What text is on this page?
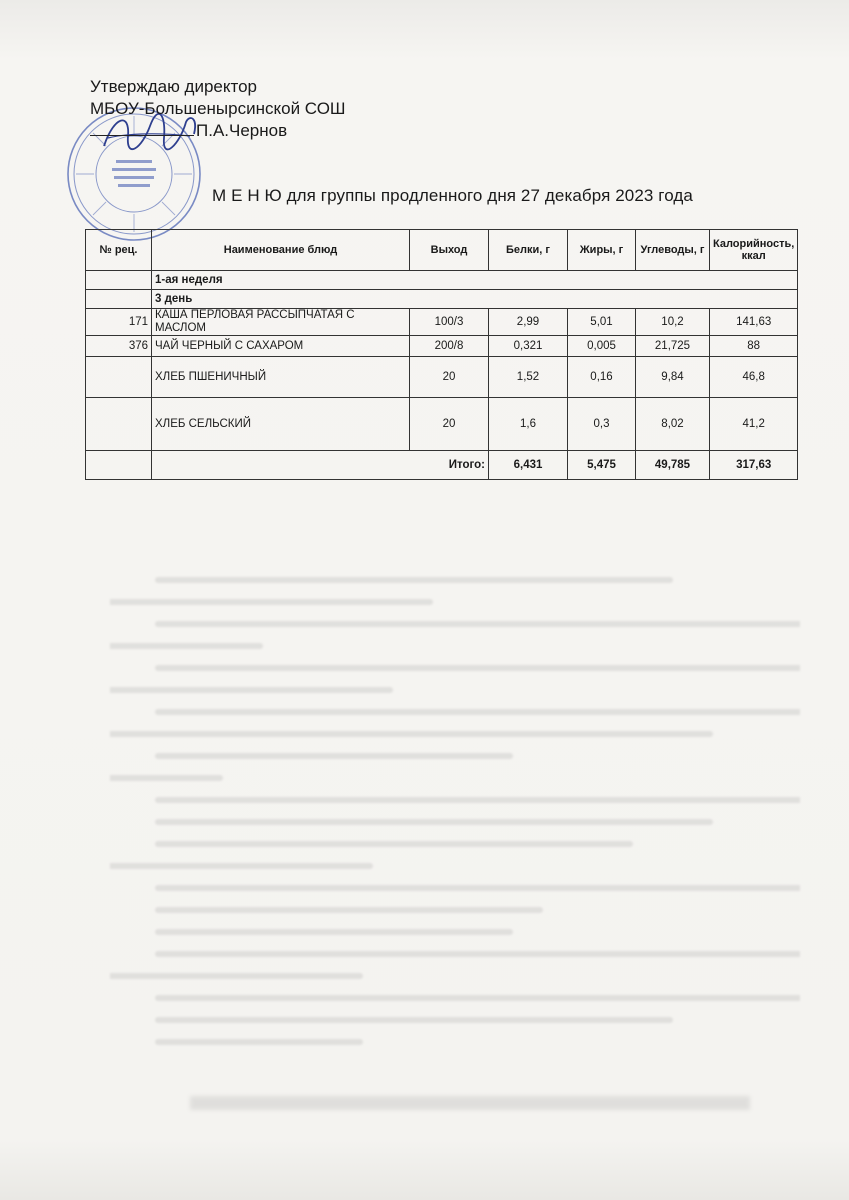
Утверждаю директор
МБОУ-Большенырсинской СОШ
П.А.Чернов
М Е Н Ю для группы продленного дня 27 декабря 2023 года
№ рец.	Наименование блюд	Выход	Белки, г	Жиры, г	Углеводы, г	Калорийность, ккал
	1-ая неделя					
	3 день					
171	КАША ПЕРЛОВАЯ РАССЫПЧАТАЯ С МАСЛОМ	100/3	2,99	5,01	10,2	141,63
376	ЧАЙ ЧЕРНЫЙ С САХАРОМ	200/8	0,321	0,005	21,725	88
	ХЛЕБ ПШЕНИЧНЫЙ	20	1,52	0,16	9,84	46,8
	ХЛЕБ СЕЛЬСКИЙ	20	1,6	0,3	8,02	41,2
	Итого:		6,431	5,475	49,785	317,63
